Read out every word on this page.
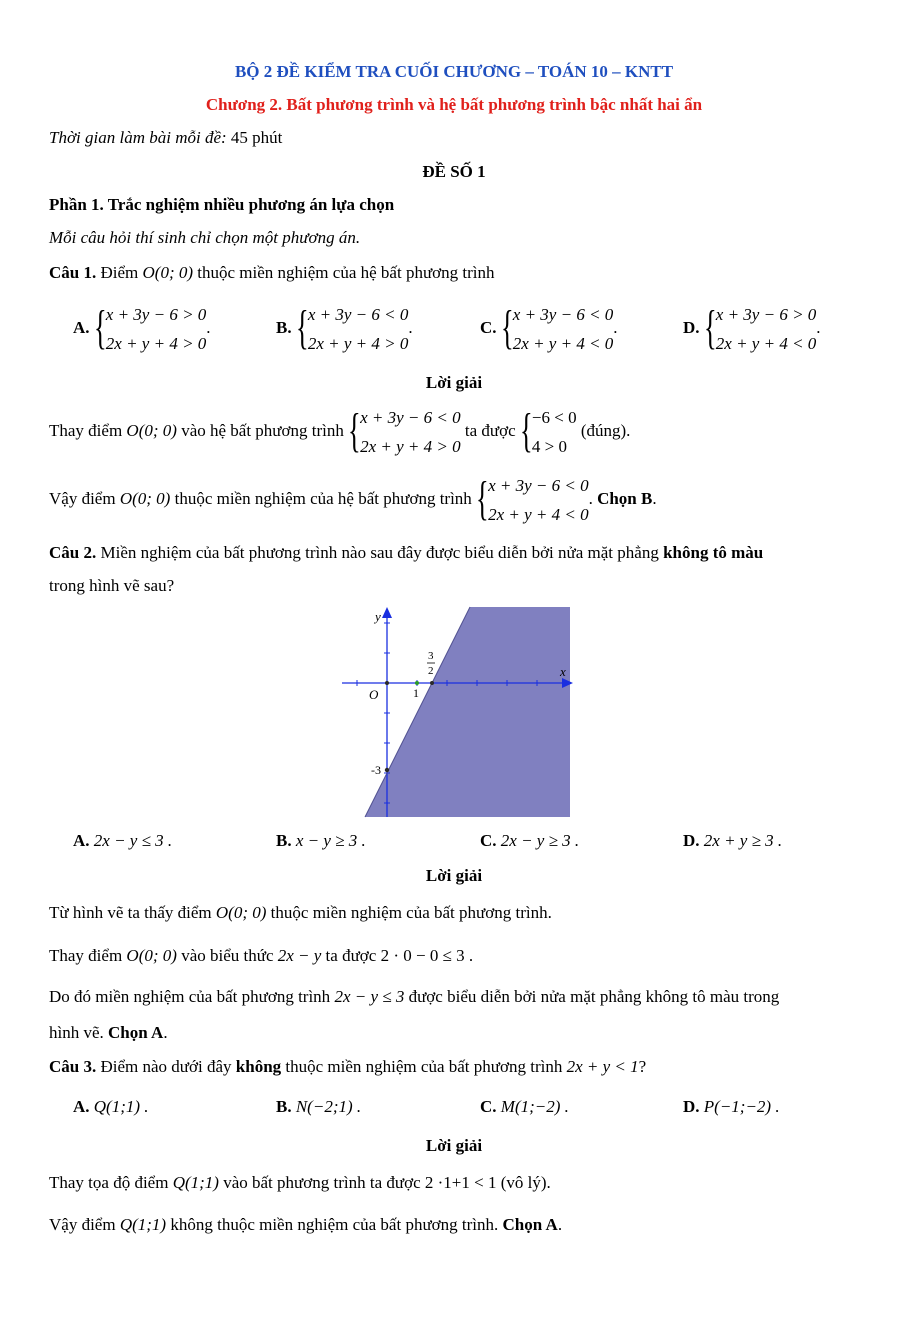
BỘ 2 ĐỀ KIỂM TRA CUỐI CHƯƠNG – TOÁN 10 – KNTT
Chương 2. Bất phương trình và hệ bất phương trình bậc nhất hai ẩn
Thời gian làm bài mỗi đề: 45 phút
ĐỀ SỐ 1
Phần 1. Trắc nghiệm nhiều phương án lựa chọn
Mỗi câu hỏi thí sinh chỉ chọn một phương án.
Câu 1. Điểm O(0; 0) thuộc miền nghiệm của hệ bất phương trình
A. { x + 3y − 6 > 0
2x + y + 4 > 0
.	B. { x + 3y − 6 < 0
2x + y + 4 > 0
.	C. { x + 3y − 6 < 0
2x + y + 4 < 0
.	D. { x + 3y − 6 > 0
2x + y + 4 < 0
.
Lời giải
Thay điểm O(0; 0) vào hệ bất phương trình { x + 3y − 6 < 0
2x + y + 4 > 0
ta được { −6 < 0
4 > 0
(đúng).
Vậy điểm O(0; 0) thuộc miền nghiệm của hệ bất phương trình { x + 3y − 6 < 0
2x + y + 4 < 0
. Chọn B.
Câu 2. Miền nghiệm của bất phương trình nào sau đây được biểu diễn bởi nửa mặt phẳng không tô màu
trong hình vẽ sau?
y
x
O	1
3
2
-3
A. 2x − y ≤ 3 .	B. x − y ≥ 3 .	C. 2x − y ≥ 3 .	D. 2x + y ≥ 3 .
Lời giải
Từ hình vẽ ta thấy điểm O(0; 0) thuộc miền nghiệm của bất phương trình.
Thay điểm O(0; 0) vào biểu thức 2x − y ta được 2 · 0 − 0 ≤ 3 .
Do đó miền nghiệm của bất phương trình 2x − y ≤ 3 được biểu diễn bởi nửa mặt phẳng không tô màu trong
hình vẽ. Chọn A.
Câu 3. Điểm nào dưới đây không thuộc miền nghiệm của bất phương trình 2x + y < 1?
A. Q(1;1) .	B. N(−2;1) .	C. M(1;−2) .	D. P(−1;−2) .
Lời giải
Thay tọa độ điểm Q(1;1) vào bất phương trình ta được 2 ·1+1 < 1 (vô lý).
Vậy điểm Q(1;1) không thuộc miền nghiệm của bất phương trình. Chọn A.
